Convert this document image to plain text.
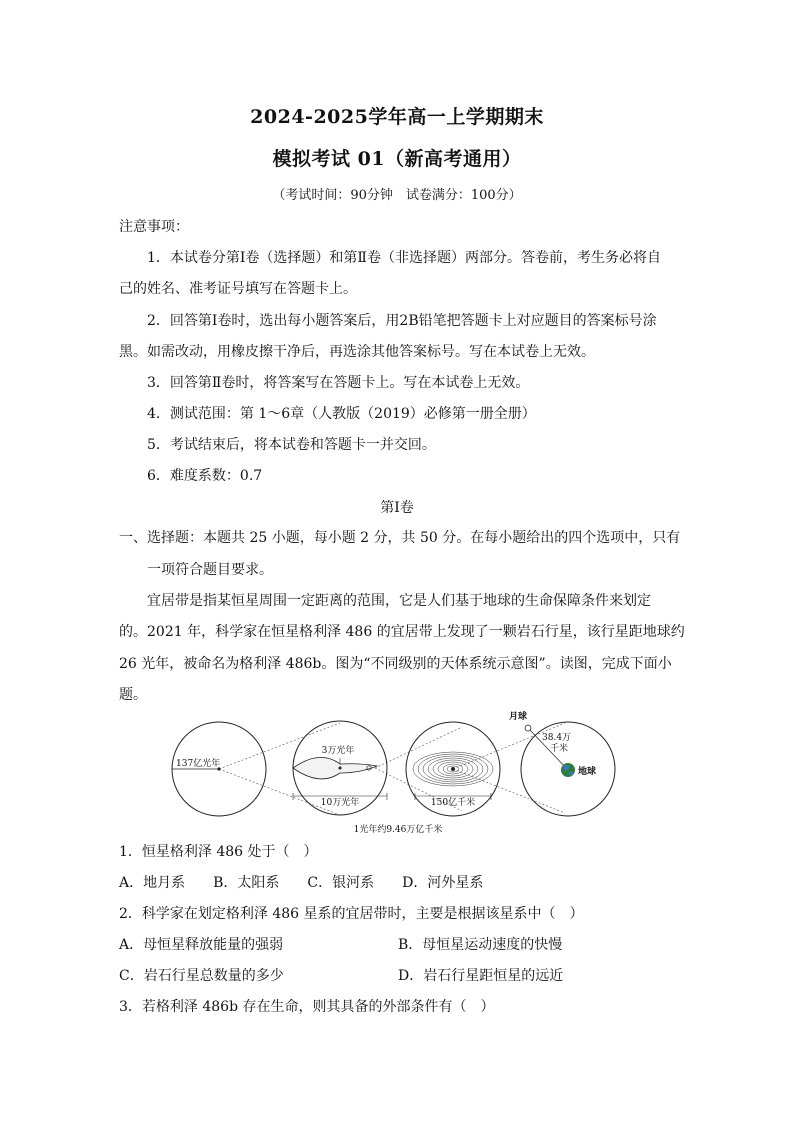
2024-2025学年高一上学期期末
模拟考试 01（新高考通用）
（考试时间：90分钟　试卷满分：100分）
注意事项：
1．本试卷分第Ⅰ卷（选择题）和第Ⅱ卷（非选择题）两部分。答卷前，考生务必将自
己的姓名、准考证号填写在答题卡上。
2．回答第Ⅰ卷时，选出每小题答案后，用2B铅笔把答题卡上对应题目的答案标号涂
黑。如需改动，用橡皮擦干净后，再选涂其他答案标号。写在本试卷上无效。
3．回答第Ⅱ卷时，将答案写在答题卡上。写在本试卷上无效。
4．测试范围：第 1～6章（人教版（2019）必修第一册全册）
5．考试结束后，将本试卷和答题卡一并交回。
6．难度系数：0.7
第Ⅰ卷
一、选择题：本题共 25 小题，每小题 2 分，共 50 分。在每小题给出的四个选项中，只有
一项符合题目要求。
宜居带是指某恒星周围一定距离的范围，它是人们基于地球的生命保障条件来划定
的。2021 年，科学家在恒星格利泽 486 的宜居带上发现了一颗岩石行星，该行星距地球约
26 光年，被命名为格利泽 486b。图为“不同级别的天体系统示意图”。读图，完成下面小
题。
137亿光年
3万光年
10万光年	150亿千米
月球
38.4万
千米
地球
1光年约9.46万亿千米
1．恒星格利泽 486 处于（　）
A．地月系　　B．太阳系　　C．银河系　　D．河外星系
2．科学家在划定格利泽 486 星系的宜居带时，主要是根据该星系中（　）
A．母恒星释放能量的强弱	B．母恒星运动速度的快慢
C．岩石行星总数量的多少	D．岩石行星距恒星的远近
3．若格利泽 486b 存在生命，则其具备的外部条件有（　）
